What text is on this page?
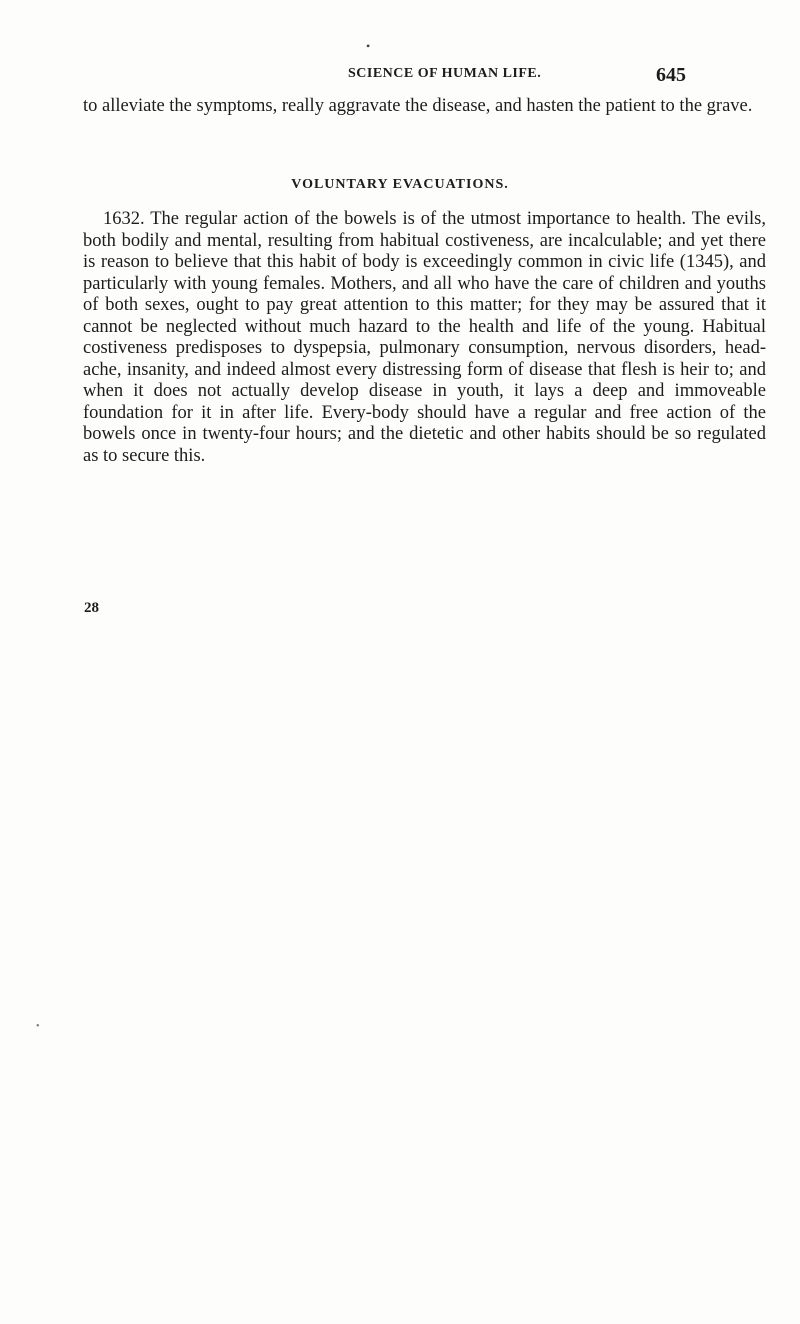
•
SCIENCE OF HUMAN LIFE.	645

to alleviate the symptoms, really aggravate the disease, and hasten the patient to the grave.

VOLUNTARY EVACUATIONS.

1632. The regular action of the bowels is of the utmost importance to health. The evils, both bodily and mental, resulting from habitual costiveness, are incalculable; and yet there is reason to believe that this habit of body is exceedingly common in civic life (1345), and particularly with young females. Mothers, and all who have the care of children and youths of both sexes, ought to pay great attention to this matter; for they may be assured that it cannot be neglected without much hazard to the health and life of the young. Habitual costiveness predisposes to dyspepsia, pulmonary consumption, nervous disorders, head-ache, insanity, and indeed almost every distressing form of disease that flesh is heir to; and when it does not actually develop disease in youth, it lays a deep and immoveable foundation for it in after life. Every-body should have a regular and free action of the bowels once in twenty-four hours; and the dietetic and other habits should be so regulated as to secure this.

28
•
